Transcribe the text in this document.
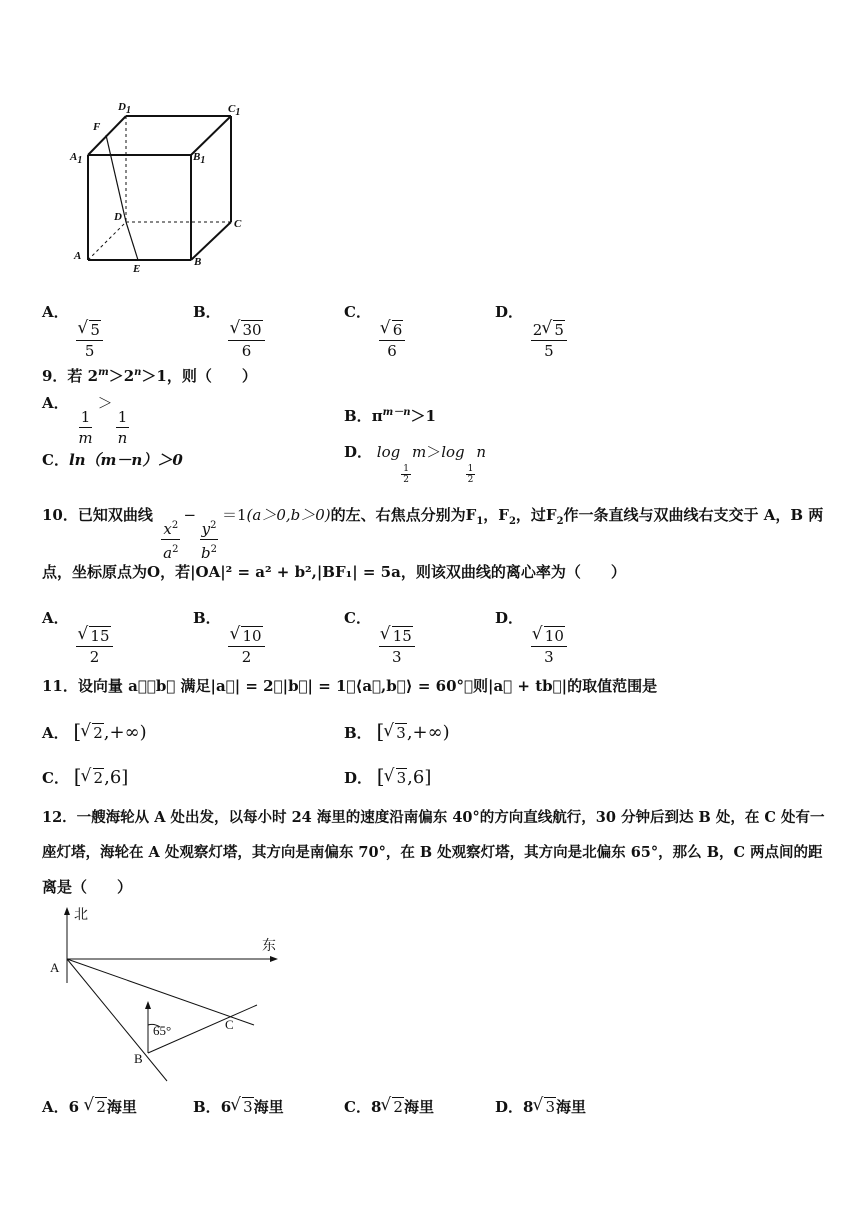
$D_1$	$C_1$
F
$A_1$	$B_1$
D
C
A
E
B
A．
√ $\frac{5}{5}$
B．
√ $\frac{30}{6}$
C．
√ $\frac{6}{6}$
D．
$\frac{2 √ 5}{5}$
9．若 $2^m>2^n>1$，则（　　）
A．
$\frac{1}{m}$
＞
$\frac{1}{n}$	B．$\pi^{m-n}>1$
C．ln（m－n）＞0	D． log
$\frac{1}{2}$
m＞log
$\frac{1}{2}$
n
10．已知双曲线
$\frac{x^2}{a^2}$
−
$\frac{y^2}{b^2}$
＝1(a＞0,b＞0)的左、右焦点分别为$F_1$，$F_2$，过$F_2$作一条直线与双曲线右支交于 A，B 两
点，坐标原点为O，若|OA|² = a² + b²,|BF₁| = 5a，则该双曲线的离心率为（　　）
A．
√ $\frac{15}{2}$
B．
√ $\frac{10}{2}$
C．
√ $\frac{15}{3}$
D．
√ $\frac{10}{3}$
11．设向量 a⃗，b⃗ 满足|a⃗| = 2，|b⃗| = 1，⟨a⃗,b⃗⟩ = 60°，则|a⃗ + tb⃗|的取值范围是
A． [ √ 2,+∞)	B． [ √ 3,+∞)
C． [ √ 2,6]	D． [ √ 3,6]
12．一艘海轮从 A 处出发，以每小时 24 海里的速度沿南偏东 40°的方向直线航行，30 分钟后到达 B 处，在 C 处有一
座灯塔，海轮在 A 处观察灯塔，其方向是南偏东 70°，在 B 处观察灯塔，其方向是北偏东 65°，那么 B，C 两点间的距
离是（　　）
北
东
A
B
C
65°
A．6 √ 2海里	B．6 √ 3海里	C．8 √ 2海里	D．8 √ 3海里
